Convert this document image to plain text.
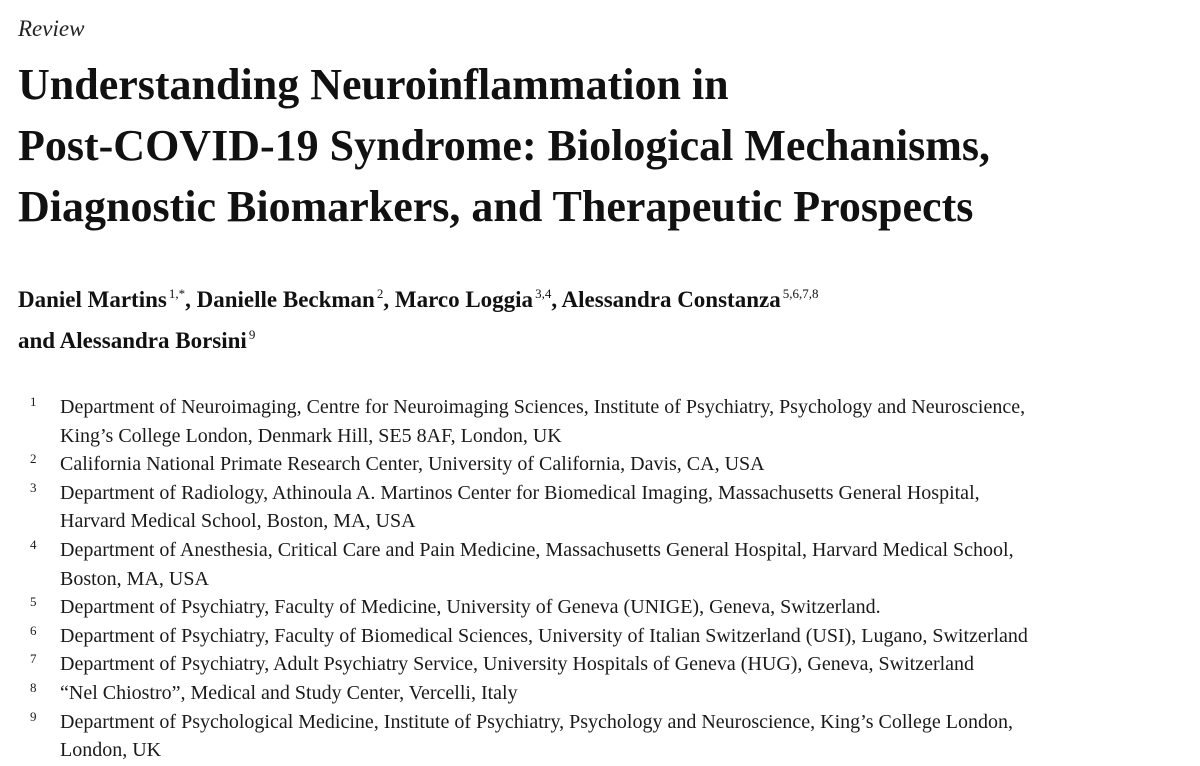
Review
Understanding Neuroinflammation in
Post-COVID-19 Syndrome: Biological Mechanisms,
Diagnostic Biomarkers, and Therapeutic Prospects
Daniel Martins $^{1,*}$, Danielle Beckman $^2$, Marco Loggia $^{3,4}$, Alessandra Constanza $^{5,6,7,8}$
and Alessandra Borsini $^9$
1 Department of Neuroimaging, Centre for Neuroimaging Sciences, Institute of Psychiatry, Psychology and Neuroscience,
King’s College London, Denmark Hill, SE5 8AF, London, UK
2 California National Primate Research Center, University of California, Davis, CA, USA
3 Department of Radiology, Athinoula A. Martinos Center for Biomedical Imaging, Massachusetts General Hospital,
Harvard Medical School, Boston, MA, USA
4 Department of Anesthesia, Critical Care and Pain Medicine, Massachusetts General Hospital, Harvard Medical School,
Boston, MA, USA
5 Department of Psychiatry, Faculty of Medicine, University of Geneva (UNIGE), Geneva, Switzerland.
6 Department of Psychiatry, Faculty of Biomedical Sciences, University of Italian Switzerland (USI), Lugano, Switzerland
7 Department of Psychiatry, Adult Psychiatry Service, University Hospitals of Geneva (HUG), Geneva, Switzerland
8 “Nel Chiostro”, Medical and Study Center, Vercelli, Italy
9 Department of Psychological Medicine, Institute of Psychiatry, Psychology and Neuroscience, King’s College London,
London, UK
